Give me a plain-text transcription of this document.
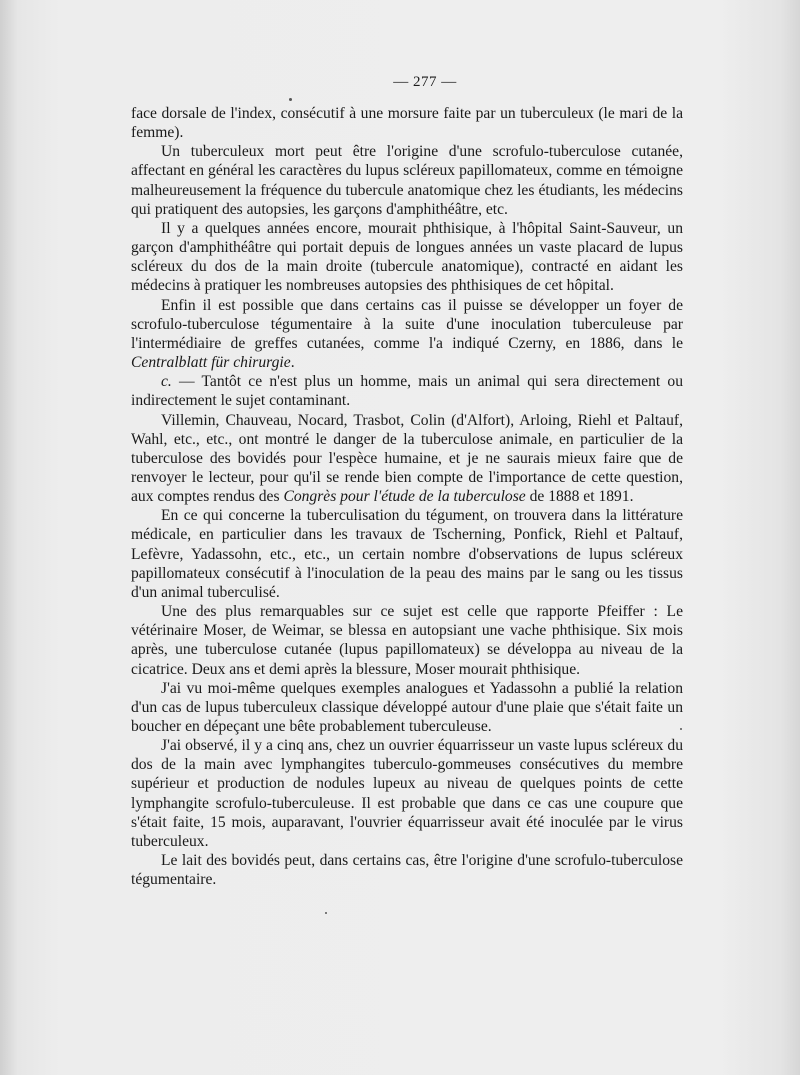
— 277 —

face dorsale de l'index, consécutif à une morsure faite par un tuberculeux (le mari de la femme).

Un tuberculeux mort peut être l'origine d'une scrofulo-tuberculose cutanée, affectant en général les caractères du lupus scléreux papillomateux, comme en témoigne malheureusement la fréquence du tubercule anatomique chez les étudiants, les médecins qui pratiquent des autopsies, les garçons d'amphithéâtre, etc.

Il y a quelques années encore, mourait phthisique, à l'hôpital Saint-Sauveur, un garçon d'amphithéâtre qui portait depuis de longues années un vaste placard de lupus scléreux du dos de la main droite (tubercule anatomique), contracté en aidant les médecins à pratiquer les nombreuses autopsies des phthisiques de cet hôpital.

Enfin il est possible que dans certains cas il puisse se développer un foyer de scrofulo-tuberculose tégumentaire à la suite d'une inoculation tuberculeuse par l'intermédiaire de greffes cutanées, comme l'a indiqué Czerny, en 1886, dans le Centralblatt für chirurgie.

c. — Tantôt ce n'est plus un homme, mais un animal qui sera directement ou indirectement le sujet contaminant.

Villemin, Chauveau, Nocard, Trasbot, Colin (d'Alfort), Arloing, Riehl et Paltauf, Wahl, etc., etc., ont montré le danger de la tuberculose animale, en particulier de la tuberculose des bovidés pour l'espèce humaine, et je ne saurais mieux faire que de renvoyer le lecteur, pour qu'il se rende bien compte de l'importance de cette question, aux comptes rendus des Congrès pour l'étude de la tuberculose de 1888 et 1891.

En ce qui concerne la tuberculisation du tégument, on trouvera dans la littérature médicale, en particulier dans les travaux de Tscherning, Ponfick, Riehl et Paltauf, Lefèvre, Yadassohn, etc., etc., un certain nombre d'observations de lupus scléreux papillomateux consécutif à l'inoculation de la peau des mains par le sang ou les tissus d'un animal tuberculisé.

Une des plus remarquables sur ce sujet est celle que rapporte Pfeiffer : Le vétérinaire Moser, de Weimar, se blessa en autopsiant une vache phthisique. Six mois après, une tuberculose cutanée (lupus papillomateux) se développa au niveau de la cicatrice. Deux ans et demi après la blessure, Moser mourait phthisique.

J'ai vu moi-même quelques exemples analogues et Yadassohn a publié la relation d'un cas de lupus tuberculeux classique développé autour d'une plaie que s'était faite un boucher en dépeçant une bête probablement tuberculeuse.

J'ai observé, il y a cinq ans, chez un ouvrier équarrisseur un vaste lupus scléreux du dos de la main avec lymphangites tuberculo-gommeuses consécutives du membre supérieur et production de nodules lupeux au niveau de quelques points de cette lymphangite scrofulo-tuberculeuse. Il est probable que dans ce cas une coupure que s'était faite, 15 mois, auparavant, l'ouvrier équarrisseur avait été inoculée par le virus tuberculeux.

Le lait des bovidés peut, dans certains cas, être l'origine d'une scrofulo-tuberculose tégumentaire.
